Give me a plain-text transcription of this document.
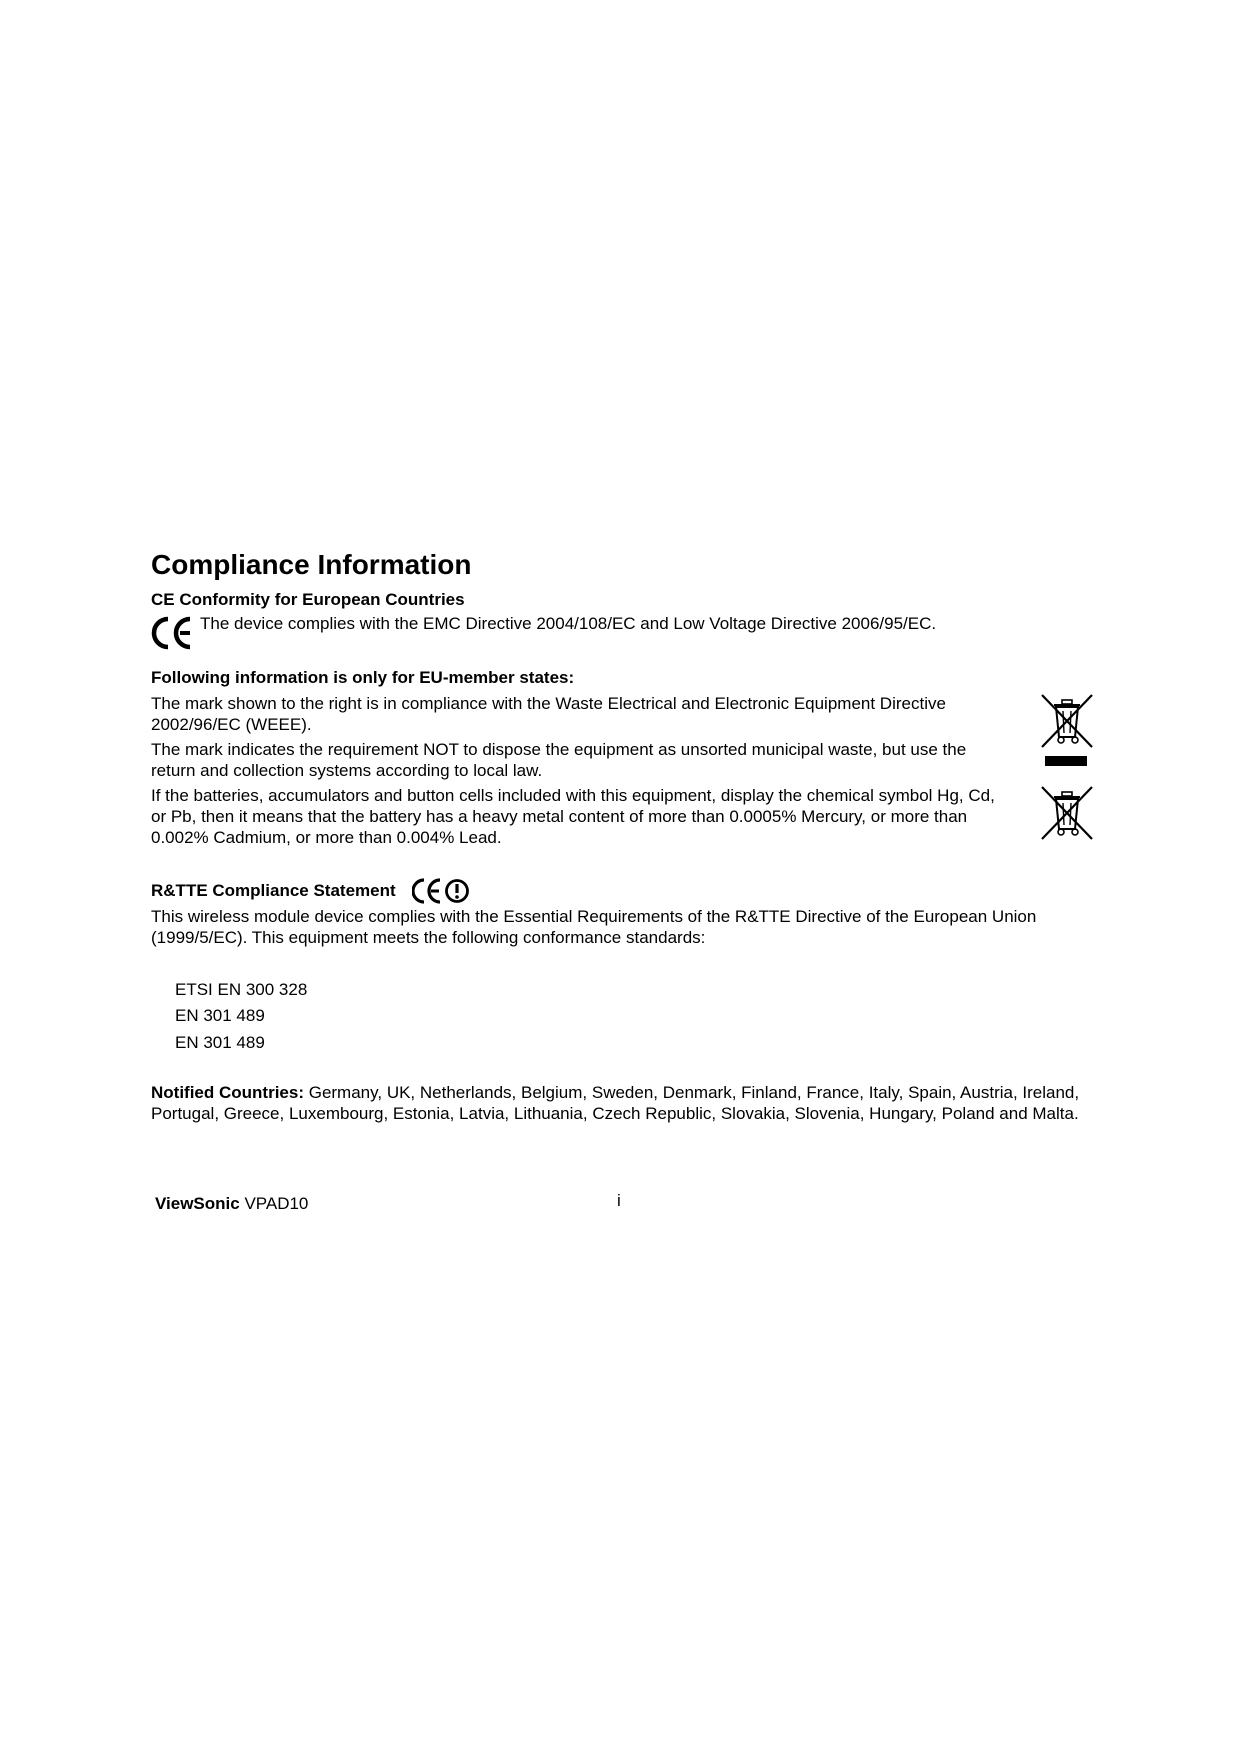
Compliance Information
CE Conformity for European Countries
The device complies with the EMC Directive 2004/108/EC and Low Voltage Directive 2006/95/EC.
Following information is only for EU-member states:
The mark shown to the right is in compliance with the Waste Electrical and Electronic Equipment Directive 2002/96/EC (WEEE).
The mark indicates the requirement NOT to dispose the equipment as unsorted municipal waste, but use the return and collection systems according to local law.
If the batteries, accumulators and button cells included with this equipment, display the chemical symbol Hg, Cd, or Pb, then it means that the battery has a heavy metal content of more than 0.0005% Mercury, or more than 0.002% Cadmium, or more than 0.004% Lead.
R&TTE Compliance Statement
This wireless module device complies with the Essential Requirements of the R&TTE Directive of the European Union (1999/5/EC). This equipment meets the following conformance standards:
ETSI EN 300 328
EN 301 489
EN 301 489
Notified Countries: Germany, UK, Netherlands, Belgium, Sweden, Denmark, Finland, France, Italy, Spain, Austria, Ireland, Portugal, Greece, Luxembourg, Estonia, Latvia, Lithuania, Czech Republic, Slovakia, Slovenia, Hungary, Poland and Malta.
ViewSonic VPAD10	i
